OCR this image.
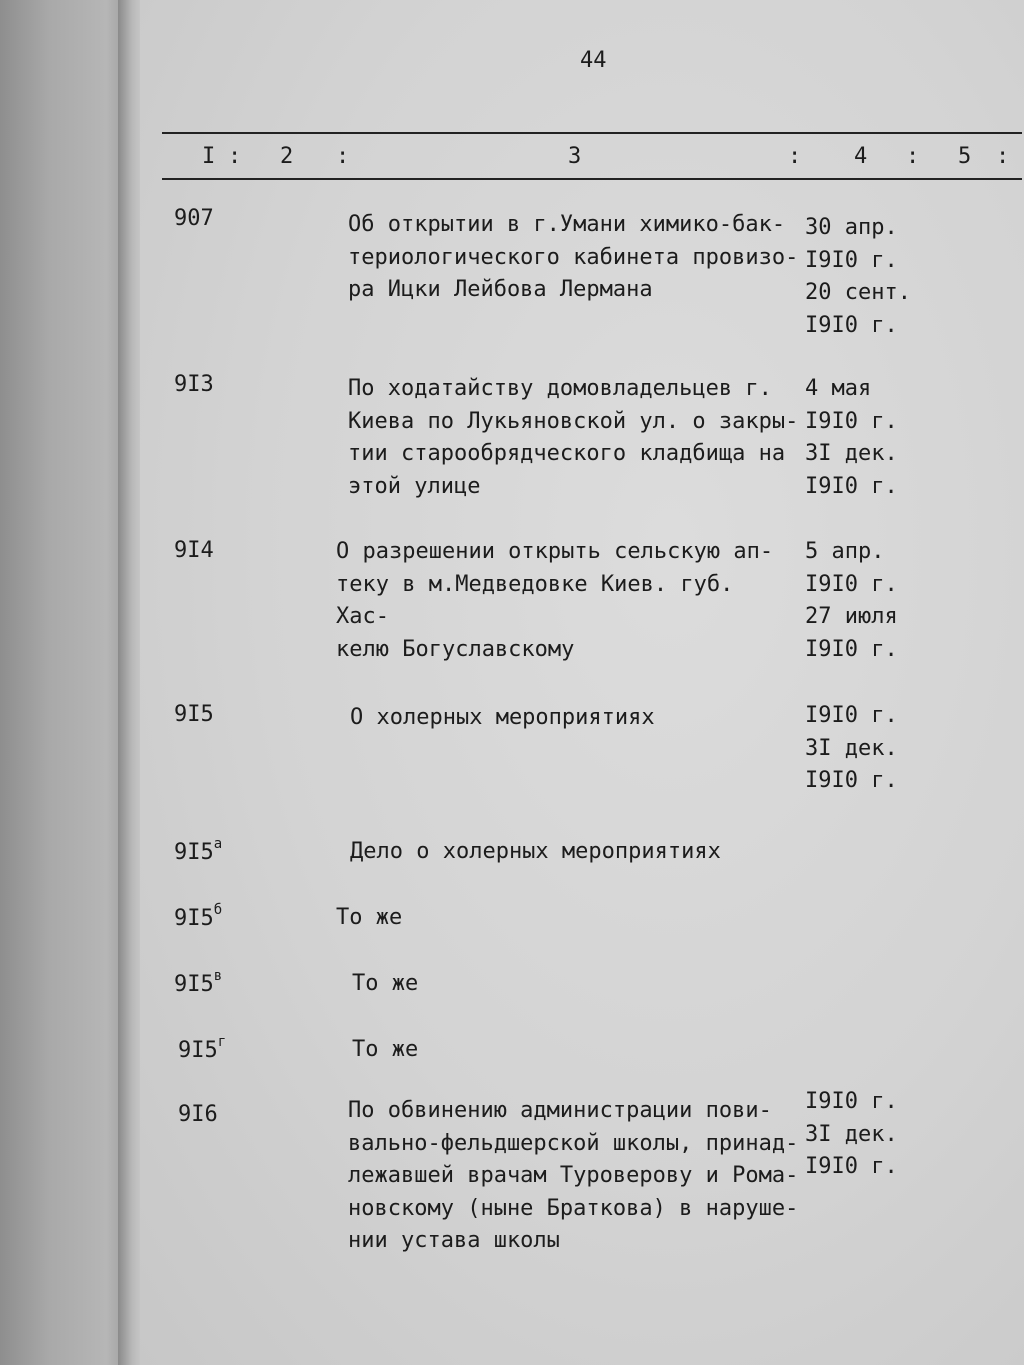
44
I : 2 :	3	: 4 : 5 :
907	Об открытии в г.Умани химико-бак-
териологического кабинета провизо-
ра Ицки Лейбова Лермана
30 апр.
I9I0 г.
20 сент.
I9I0 г.
9I3	По ходатайству домовладельцев г.
Киева по Лукьяновской ул. о закры-
тии старообрядческого кладбища на
этой улице
4 мая
I9I0 г.
3I дек.
I9I0 г.
9I4	О разрешении открыть сельскую ап-
теку в м.Медведовке Киев. губ. Хас-
келю Богуславскому
5 апр.
I9I0 г.
27 июля
I9I0 г.
9I5	О холерных мероприятиях	I9I0 г.
3I дек.
I9I0 г.
$9I5^а$	Дело о холерных мероприятиях
$9I5^б$	То же
$9I5^в$	То же
$9I5^г$	То же
9I6	По обвинению администрации пови-
вально-фельдшерской школы, принад-
лежавшей врачам Туроверову и Рома-
новскому (ныне Браткова) в наруше-
нии устава школы
I9I0 г.
3I дек.
I9I0 г.
